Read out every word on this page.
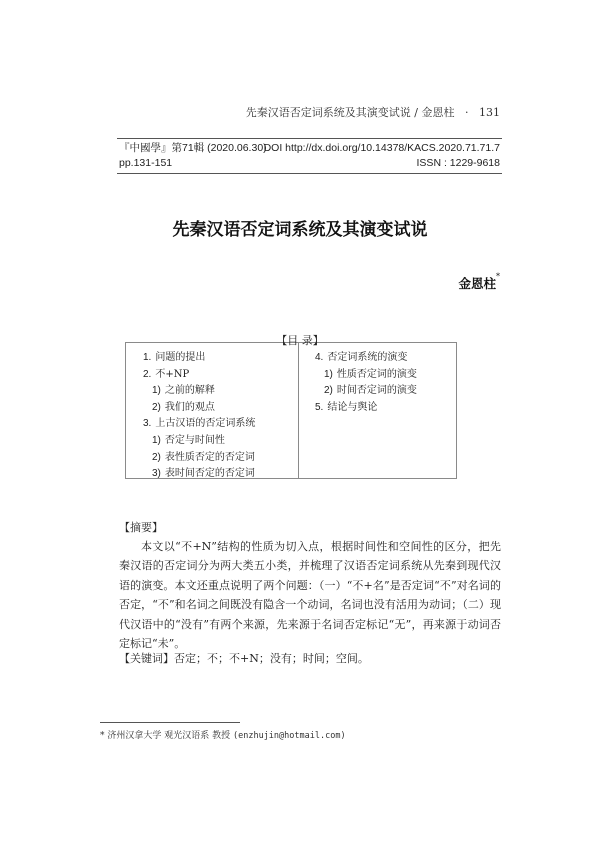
先秦汉语否定词系统及其演变试说 / 金恩柱 · 131
『中國學』第71輯 (2020.06.30)
DOI http://dx.doi.org/10.14378/KACS.2020.71.71.7
pp.131-151	ISSN : 1229-9618
先秦汉语否定词系统及其演变试说
金恩柱*
【目 录】
1. 问题的提出
2. 不+NP
1) 之前的解释
2) 我们的观点
3. 上古汉语的否定词系统
1) 否定与时间性
2) 表性质否定的否定词
3) 表时间否定的否定词
4. 否定词系统的演变
1) 性质否定词的演变
2) 时间否定词的演变
5. 结论与舆论
【摘要】
本文以“不+N”结构的性质为切入点，根据时间性和空间性的区分，把先秦汉语的否定词分为两大类五小类，并梳理了汉语否定词系统从先秦到现代汉语的演变。本文还重点说明了两个问题：（一）“不+名”是否定词“不”对名词的否定，“不”和名词之间既没有隐含一个动词，名词也没有活用为动词；（二）现代汉语中的“没有”有两个来源，先来源于名词否定标记“无”，再来源于动词否定标记“未”。
【关键词】否定；不；不+N；没有；时间；空间。
* 济州汉拿大学 观光汉语系 教授 (enzhujin@hotmail.com)
